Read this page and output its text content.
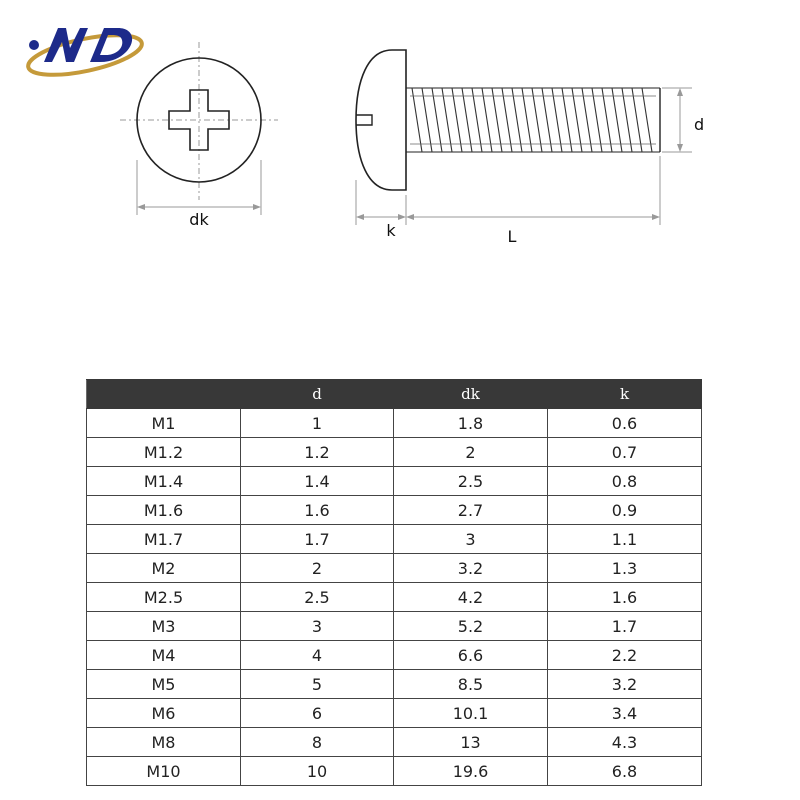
dk
d
k	L
	d	dk	k
M1	1	1.8	0.6
M1.2	1.2	2	0.7
M1.4	1.4	2.5	0.8
M1.6	1.6	2.7	0.9
M1.7	1.7	3	1.1
M2	2	3.2	1.3
M2.5	2.5	4.2	1.6
M3	3	5.2	1.7
M4	4	6.6	2.2
M5	5	8.5	3.2
M6	6	10.1	3.4
M8	8	13	4.3
M10	10	19.6	6.8
